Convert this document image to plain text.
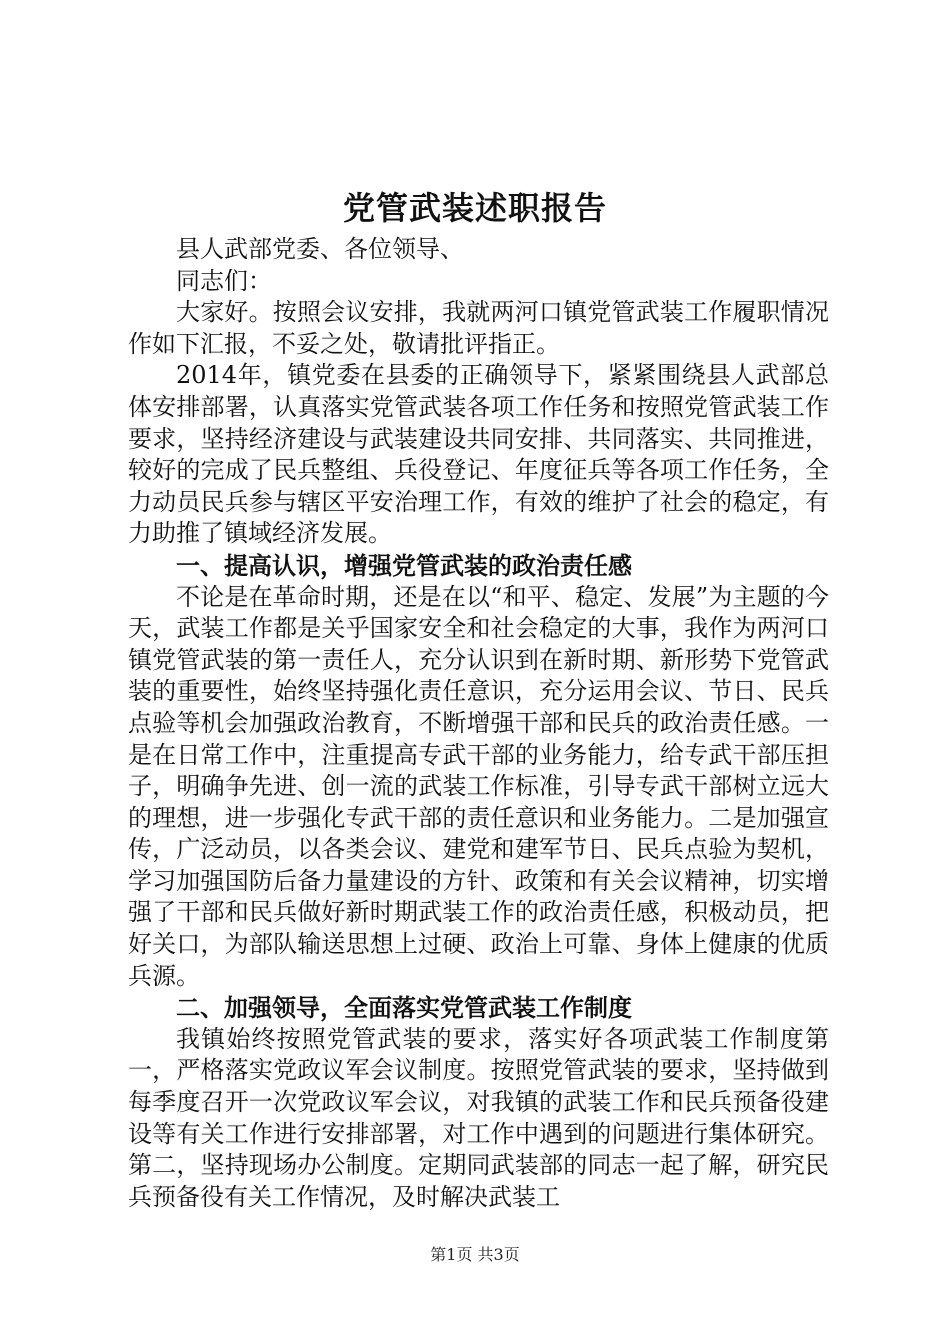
党管武装述职报告

县人武部党委、各位领导、

同志们：

大家好。按照会议安排，我就两河口镇党管武装工作履职情况作如下汇报，不妥之处，敬请批评指正。

2014年，镇党委在县委的正确领导下，紧紧围绕县人武部总体安排部署，认真落实党管武装各项工作任务和按照党管武装工作要求，坚持经济建设与武装建设共同安排、共同落实、共同推进，较好的完成了民兵整组、兵役登记、年度征兵等各项工作任务，全力动员民兵参与辖区平安治理工作，有效的维护了社会的稳定，有力助推了镇域经济发展。

一、提高认识，增强党管武装的政治责任感

不论是在革命时期，还是在以“和平、稳定、发展”为主题的今天，武装工作都是关乎国家安全和社会稳定的大事，我作为两河口镇党管武装的第一责任人，充分认识到在新时期、新形势下党管武装的重要性，始终坚持强化责任意识，充分运用会议、节日、民兵点验等机会加强政治教育，不断增强干部和民兵的政治责任感。一是在日常工作中，注重提高专武干部的业务能力，给专武干部压担子，明确争先进、创一流的武装工作标准，引导专武干部树立远大的理想，进一步强化专武干部的责任意识和业务能力。二是加强宣传，广泛动员，以各类会议、建党和建军节日、民兵点验为契机，学习加强国防后备力量建设的方针、政策和有关会议精神，切实增强了干部和民兵做好新时期武装工作的政治责任感，积极动员，把好关口，为部队输送思想上过硬、政治上可靠、身体上健康的优质兵源。

二、加强领导，全面落实党管武装工作制度

我镇始终按照党管武装的要求，落实好各项武装工作制度第一，严格落实党政议军会议制度。按照党管武装的要求，坚持做到每季度召开一次党政议军会议，对我镇的武装工作和民兵预备役建设等有关工作进行安排部署，对工作中遇到的问题进行集体研究。第二，坚持现场办公制度。定期同武装部的同志一起了解，研究民兵预备役有关工作情况，及时解决武装工

第1页 共3页
